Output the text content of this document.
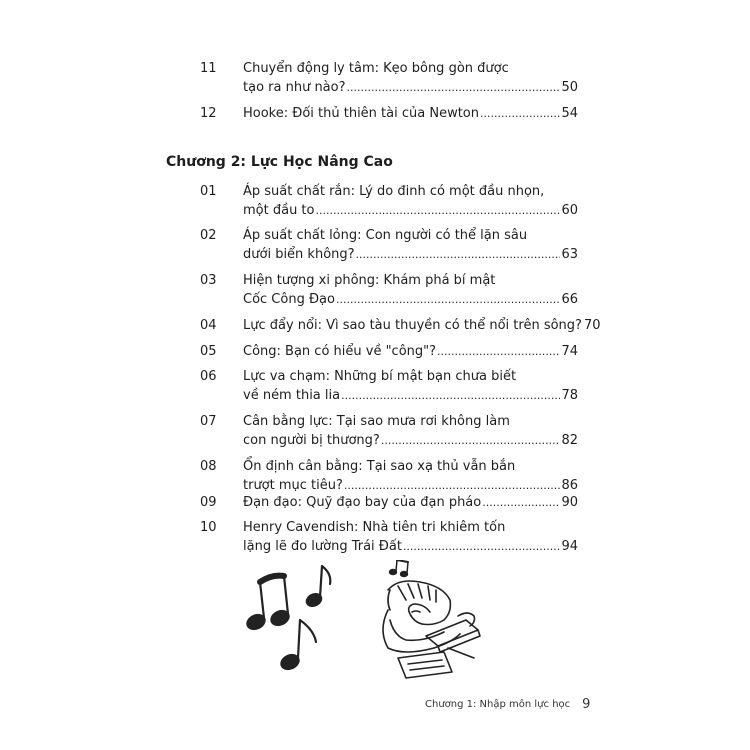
11	Chuyển động ly tâm: Kẹo bông gòn được
tạo ra như nào? .....	50
12	Hooke: Đối thủ thiên tài của Newton .....	54
Chương 2: Lực Học Nâng Cao
01	Áp suất chất rắn: Lý do đinh có một đầu nhọn,
một đầu to .....	60
02	Áp suất chất lỏng: Con người có thể lặn sâu
dưới biển không? .....	63
03	Hiện tượng xi phông: Khám phá bí mật
Cốc Công Đạo .....	66
04	Lực đẩy nổi: Vì sao tàu thuyền có thể nổi trên sông? 70
05	Công: Bạn có hiểu về "công"? .....	74
06	Lực va chạm: Những bí mật bạn chưa biết
về ném thia lia .....	78
07	Cân bằng lực: Tại sao mưa rơi không làm
con người bị thương? .....	82
08	Ổn định cân bằng: Tại sao xạ thủ vẫn bắn
trượt mục tiêu? .....	86
09	Đạn đạo: Quỹ đạo bay của đạn pháo .....	90
10	Henry Cavendish: Nhà tiên tri khiêm tốn
lặng lẽ đo lường Trái Đất .....	94
Chương 1: Nhập môn lực học 9
